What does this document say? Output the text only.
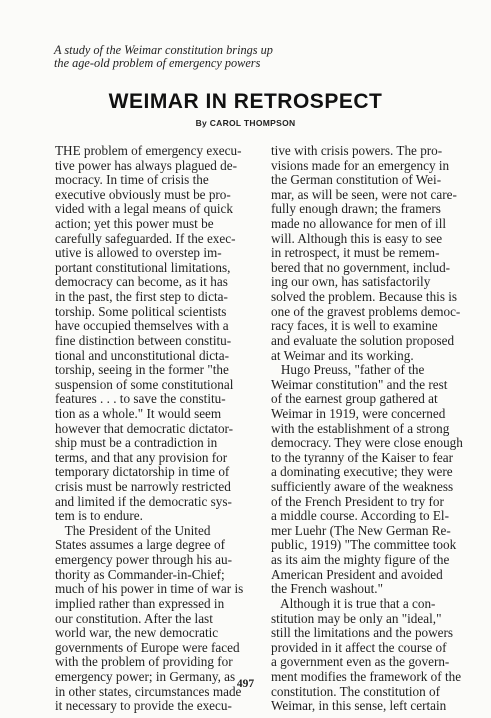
A study of the Weimar constitution brings up
the age-old problem of emergency powers
WEIMAR IN RETROSPECT
By CAROL THOMPSON
THE problem of emergency execu-
tive power has always plagued de-
mocracy. In time of crisis the
executive obviously must be pro-
vided with a legal means of quick
action; yet this power must be
carefully safeguarded. If the exec-
utive is allowed to overstep im-
portant constitutional limitations,
democracy can become, as it has
in the past, the first step to dicta-
torship. Some political scientists
have occupied themselves with a
fine distinction between constitu-
tional and unconstitutional dicta-
torship, seeing in the former "the
suspension of some constitutional
features . . . to save the constitu-
tion as a whole." It would seem
however that democratic dictator-
ship must be a contradiction in
terms, and that any provision for
temporary dictatorship in time of
crisis must be narrowly restricted
and limited if the democratic sys-
tem is to endure.
The President of the United
States assumes a large degree of
emergency power through his au-
thority as Commander-in-Chief;
much of his power in time of war is
implied rather than expressed in
our constitution. After the last
world war, the new democratic
governments of Europe were faced
with the problem of providing for
emergency power; in Germany, as
in other states, circumstances made
it necessary to provide the execu-
tive with crisis powers. The pro-
visions made for an emergency in
the German constitution of Wei-
mar, as will be seen, were not care-
fully enough drawn; the framers
made no allowance for men of ill
will. Although this is easy to see
in retrospect, it must be remem-
bered that no government, includ-
ing our own, has satisfactorily
solved the problem. Because this is
one of the gravest problems democ-
racy faces, it is well to examine
and evaluate the solution proposed
at Weimar and its working.
Hugo Preuss, "father of the
Weimar constitution" and the rest
of the earnest group gathered at
Weimar in 1919, were concerned
with the establishment of a strong
democracy. They were close enough
to the tyranny of the Kaiser to fear
a dominating executive; they were
sufficiently aware of the weakness
of the French President to try for
a middle course. According to El-
mer Luehr (The New German Re-
public, 1919) "The committee took
as its aim the mighty figure of the
American President and avoided
the French washout."
Although it is true that a con-
stitution may be only an "ideal,"
still the limitations and the powers
provided in it affect the course of
a government even as the govern-
ment modifies the framework of the
constitution. The constitution of
Weimar, in this sense, left certain
497
